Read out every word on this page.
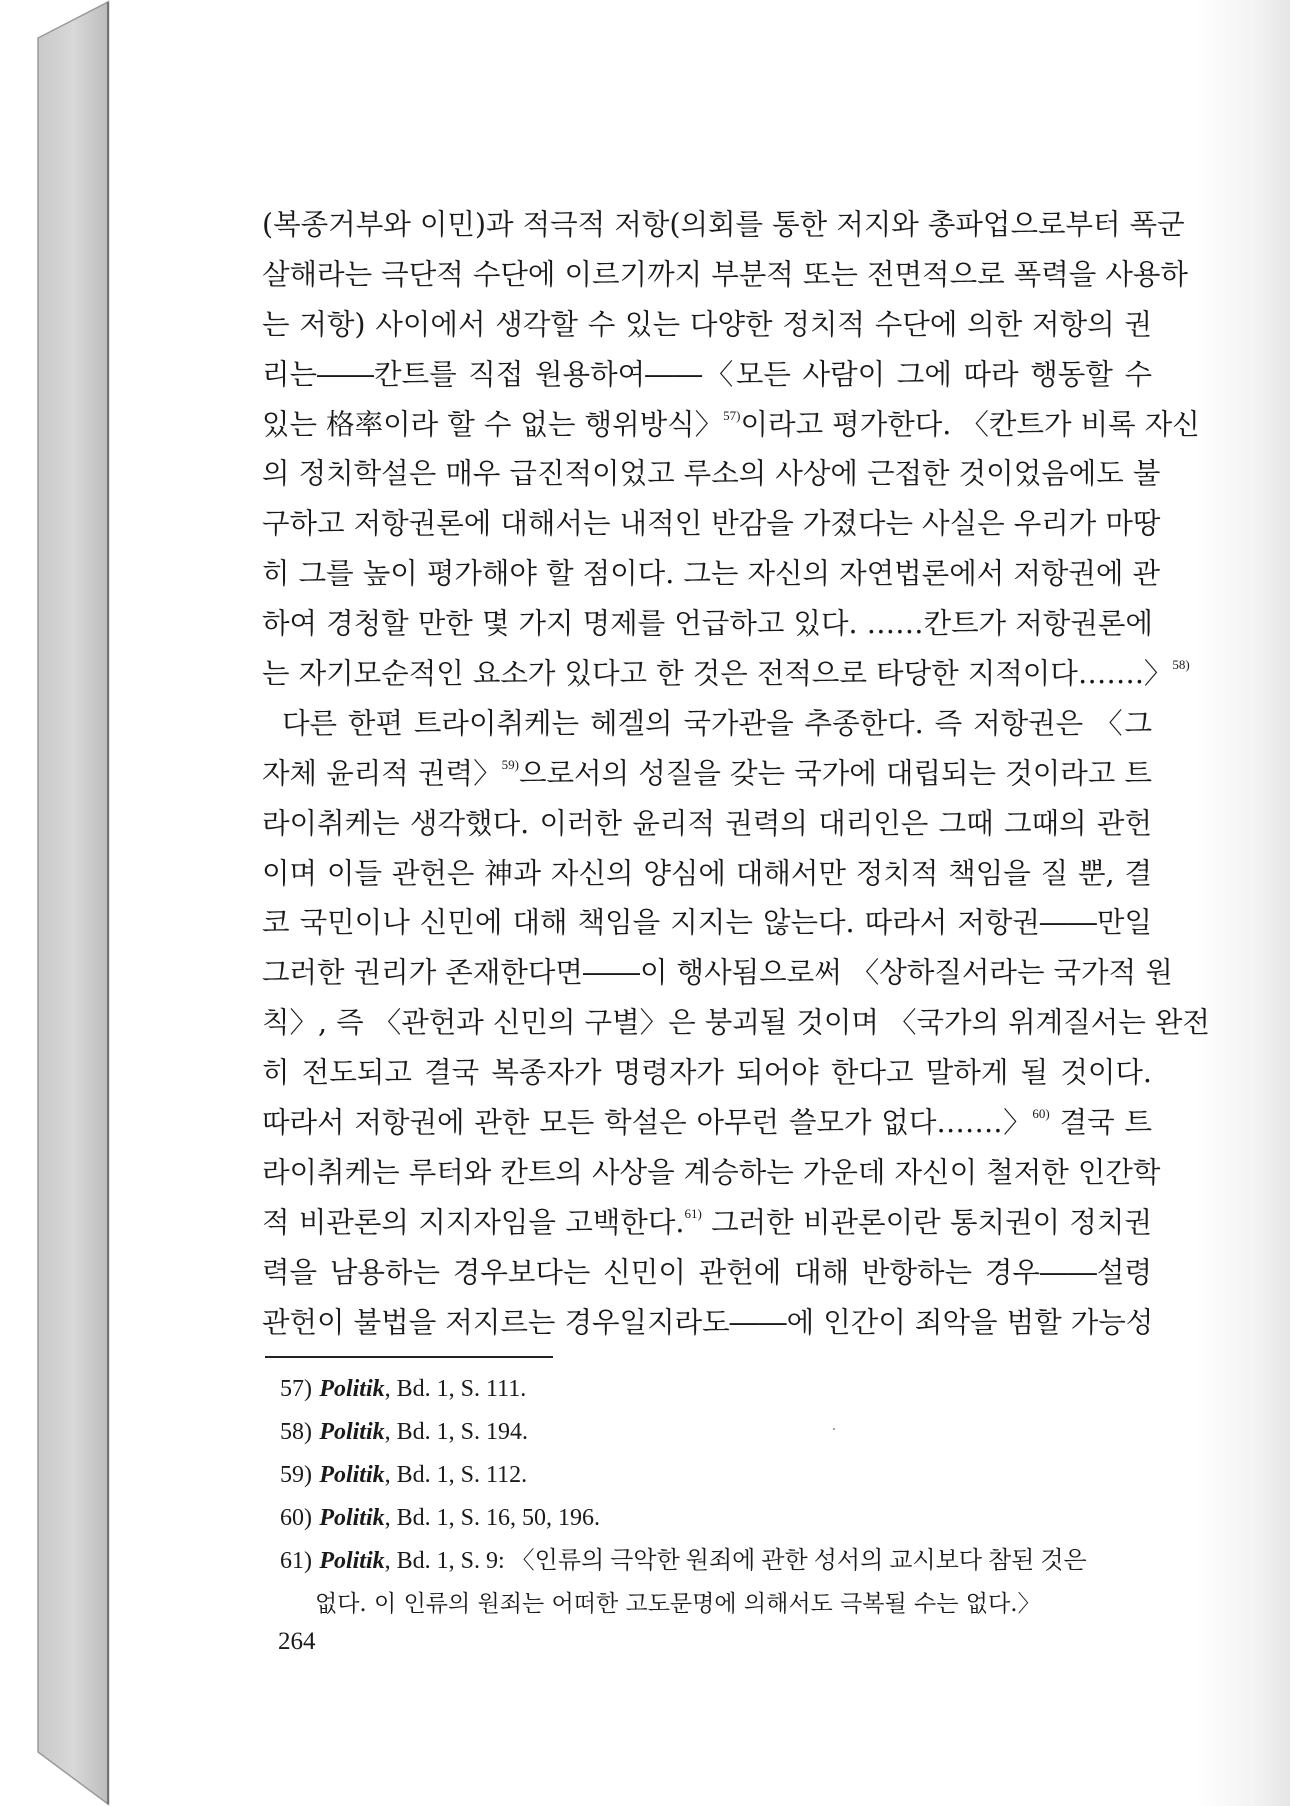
(복종거부와 이민)과 적극적 저항(의회를 통한 저지와 총파업으로부터 폭군
살해라는 극단적 수단에 이르기까지 부분적 또는 전면적으로 폭력을 사용하
는 저항) 사이에서 생각할 수 있는 다양한 정치적 수단에 의한 저항의 권
리는――칸트를 직접 원용하여――〈모든 사람이 그에 따라 행동할 수
있는 格率이라 할 수 없는 행위방식〉$^{57)}$이라고 평가한다. 〈칸트가 비록 자신
의 정치학설은 매우 급진적이었고 루소의 사상에 근접한 것이었음에도 불
구하고 저항권론에 대해서는 내적인 반감을 가졌다는 사실은 우리가 마땅
히 그를 높이 평가해야 할 점이다. 그는 자신의 자연법론에서 저항권에 관
하여 경청할 만한 몇 가지 명제를 언급하고 있다. ……칸트가 저항권론에
는 자기모순적인 요소가 있다고 한 것은 전적으로 타당한 지적이다…….〉$^{58)}$
다른 한편 트라이취케는 헤겔의 국가관을 추종한다. 즉 저항권은 〈그
자체 윤리적 권력〉$^{59)}$으로서의 성질을 갖는 국가에 대립되는 것이라고 트
라이취케는 생각했다. 이러한 윤리적 권력의 대리인은 그때 그때의 관헌
이며 이들 관헌은 神과 자신의 양심에 대해서만 정치적 책임을 질 뿐, 결
코 국민이나 신민에 대해 책임을 지지는 않는다. 따라서 저항권――만일
그러한 권리가 존재한다면――이 행사됨으로써 〈상하질서라는 국가적 원
칙〉, 즉 〈관헌과 신민의 구별〉은 붕괴될 것이며 〈국가의 위계질서는 완전
히 전도되고 결국 복종자가 명령자가 되어야 한다고 말하게 될 것이다.
따라서 저항권에 관한 모든 학설은 아무런 쓸모가 없다…….〉$^{60)}$ 결국 트
라이취케는 루터와 칸트의 사상을 계승하는 가운데 자신이 철저한 인간학
적 비관론의 지지자임을 고백한다.$^{61)}$ 그러한 비관론이란 통치권이 정치권
력을 남용하는 경우보다는 신민이 관헌에 대해 반항하는 경우――설령
관헌이 불법을 저지르는 경우일지라도――에 인간이 죄악을 범할 가능성
57) Politik, Bd. 1, S. 111.
58) Politik, Bd. 1, S. 194.
59) Politik, Bd. 1, S. 112.
60) Politik, Bd. 1, S. 16, 50, 196.
61) Politik, Bd. 1, S. 9: 〈인류의 극악한 원죄에 관한 성서의 교시보다 참된 것은
없다. 이 인류의 원죄는 어떠한 고도문명에 의해서도 극복될 수는 없다.〉
264
